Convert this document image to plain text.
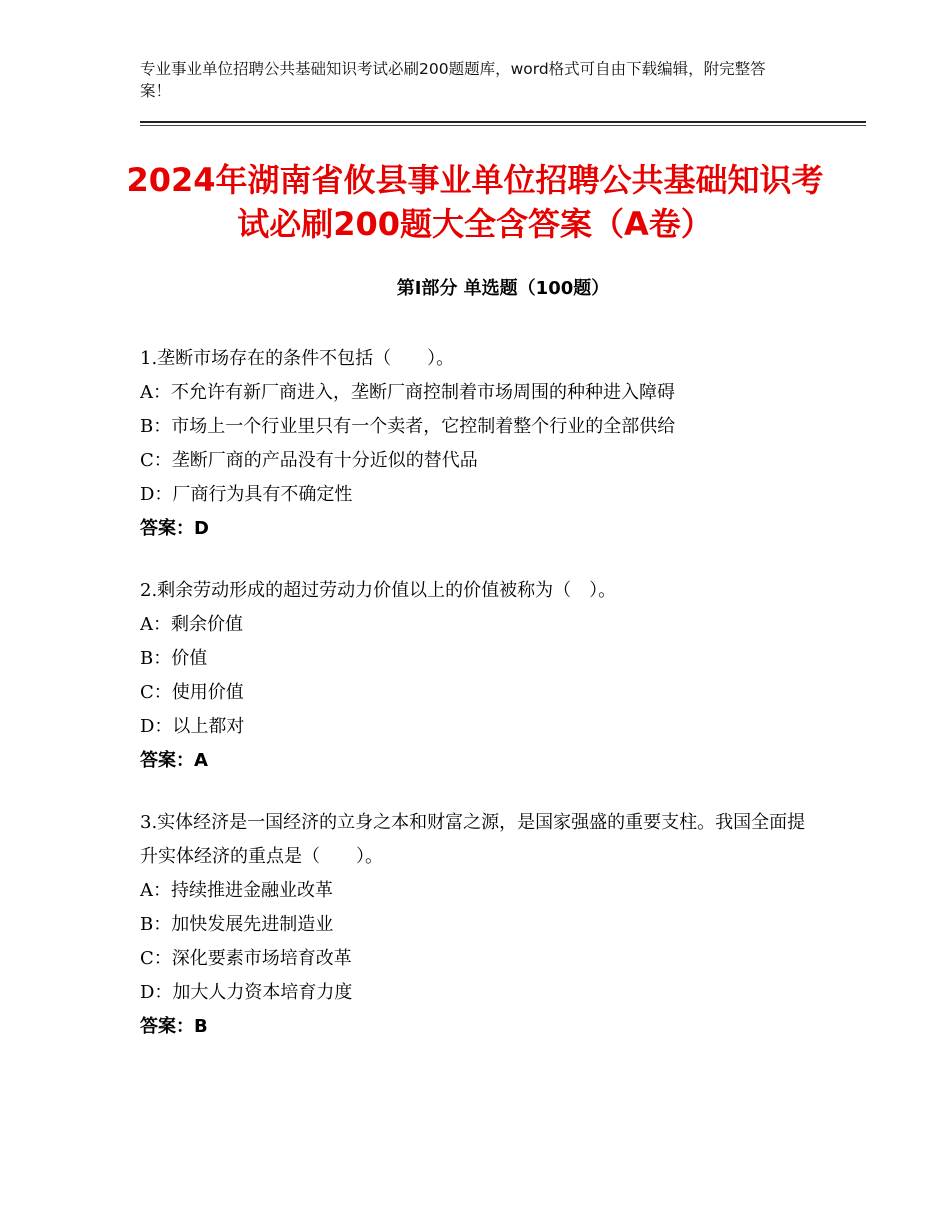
专业事业单位招聘公共基础知识考试必刷200题题库，word格式可自由下载编辑，附完整答案！
2024年湖南省攸县事业单位招聘公共基础知识考试必刷200题大全含答案（A卷）
第Ⅰ部分 单选题（100题）
1.垄断市场存在的条件不包括（　　）。
A：不允许有新厂商进入，垄断厂商控制着市场周围的种种进入障碍
B：市场上一个行业里只有一个卖者，它控制着整个行业的全部供给
C：垄断厂商的产品没有十分近似的替代品
D：厂商行为具有不确定性
答案：D
2.剩余劳动形成的超过劳动力价值以上的价值被称为（　）。
A：剩余价值
B：价值
C：使用价值
D：以上都对
答案：A
3.实体经济是一国经济的立身之本和财富之源，是国家强盛的重要支柱。我国全面提升实体经济的重点是（　　）。
A：持续推进金融业改革
B：加快发展先进制造业
C：深化要素市场培育改革
D：加大人力资本培育力度
答案：B
